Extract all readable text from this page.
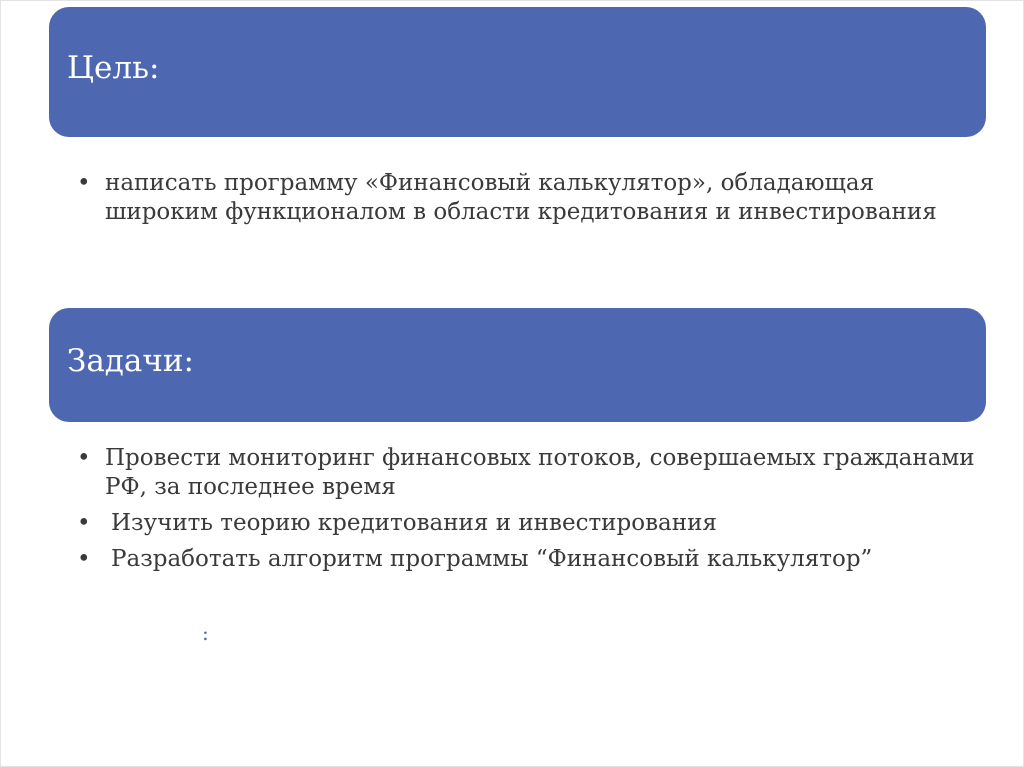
Цель:
• написать программу «Финансовый калькулятор», обладающая широким функционалом в области кредитования и инвестирования
Задачи:
• Провести мониторинг финансовых потоков, совершаемых гражданами РФ, за последнее время
• Изучить теорию кредитования и инвестирования
• Разработать алгоритм программы “Финансовый калькулятор”
:
